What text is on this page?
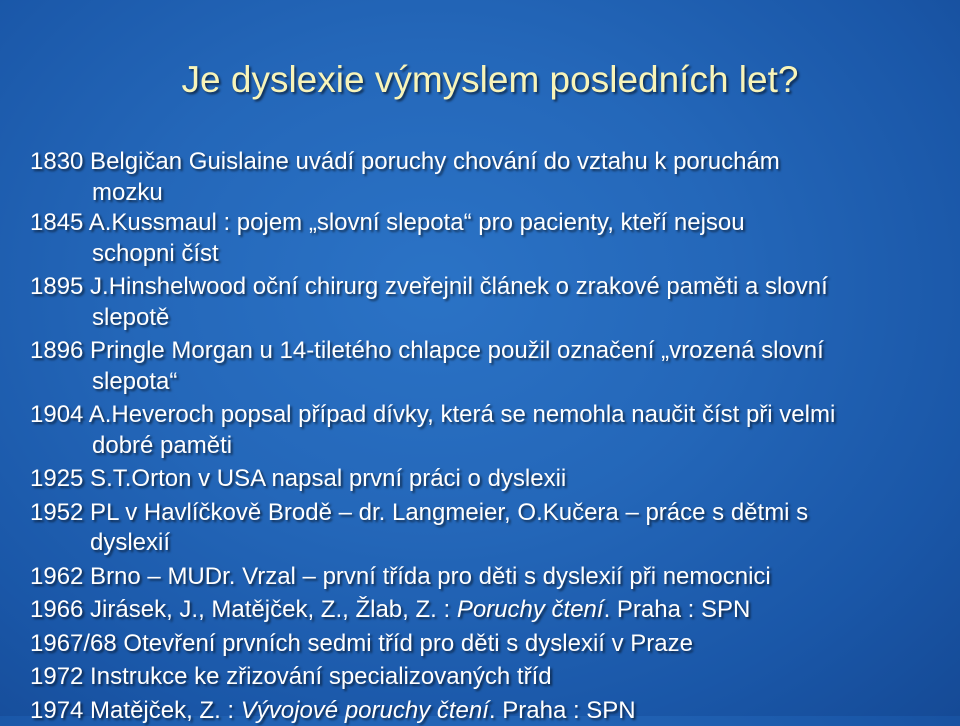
Je dyslexie výmyslem posledních let?
1830 Belgičan Guislaine uvádí poruchy chování do vztahu k poruchám
mozku
1845 A.Kussmaul : pojem „slovní slepota“ pro pacienty, kteří nejsou
schopni číst
1895 J.Hinshelwood oční chirurg zveřejnil článek o zrakové paměti a slovní
slepotě
1896 Pringle Morgan u 14-tiletého chlapce použil označení „vrozená slovní
slepota“
1904 A.Heveroch popsal případ dívky, která se nemohla naučit číst při velmi
dobré paměti
1925 S.T.Orton v USA napsal první práci o dyslexii
1952 PL v Havlíčkově Brodě – dr. Langmeier, O.Kučera – práce s dětmi s
dyslexií
1962 Brno – MUDr. Vrzal – první třída pro děti s dyslexií při nemocnici
1966 Jirásek, J., Matějček, Z., Žlab, Z. : Poruchy čtení. Praha : SPN
1967/68 Otevření prvních sedmi tříd pro děti s dyslexií v Praze
1972 Instrukce ke zřizování specializovaných tříd
1974 Matějček, Z. : Vývojové poruchy čtení. Praha : SPN
